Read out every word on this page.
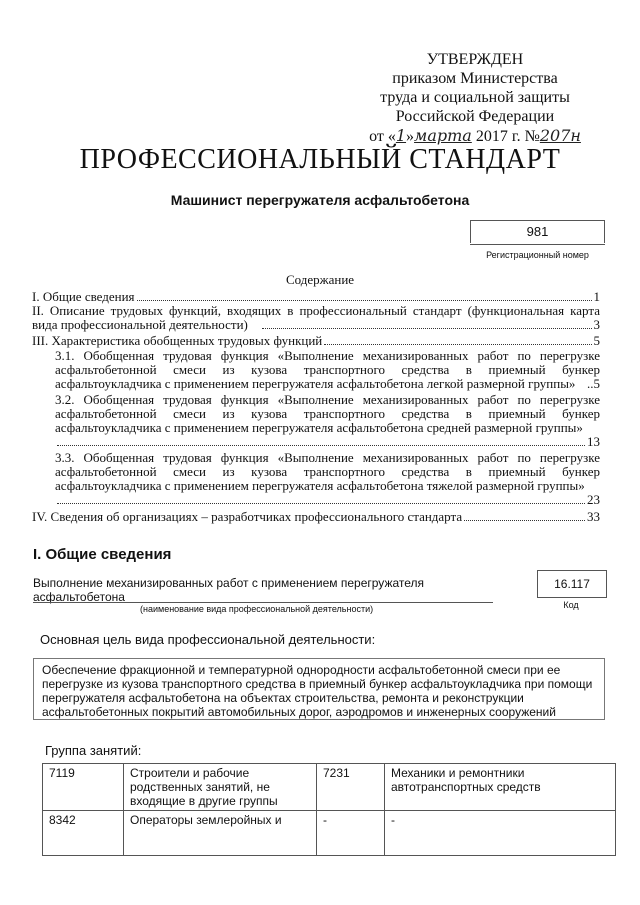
УТВЕРЖДЕН
приказом Министерства
труда и социальной защиты
Российской Федерации
от «1»марта 2017 г. №207н
ПРОФЕССИОНАЛЬНЫЙ СТАНДАРТ
Машинист перегружателя асфальтобетона
981
Регистрационный номер
Содержание
I. Общие сведения	1
II. Описание трудовых функций, входящих в профессиональный стандарт (функциональная карта вида профессиональной деятельности)	3
III. Характеристика обобщенных трудовых функций	5
3.1. Обобщенная трудовая функция «Выполнение механизированных работ по перегрузке асфальтобетонной смеси из кузова транспортного средства в приемный бункер асфальтоукладчика с применением перегружателя асфальтобетона легкой размерной группы» ..5
3.2. Обобщенная трудовая функция «Выполнение механизированных работ по перегрузке асфальтобетонной смеси из кузова транспортного средства в приемный бункер асфальтоукладчика с применением перегружателя асфальтобетона средней размерной группы»
13
3.3. Обобщенная трудовая функция «Выполнение механизированных работ по перегрузке асфальтобетонной смеси из кузова транспортного средства в приемный бункер асфальтоукладчика с применением перегружателя асфальтобетона тяжелой размерной группы»
23
IV. Сведения об организациях – разработчиках профессионального стандарта	33
I. Общие сведения
Выполнение механизированных работ с применением перегружателя
асфальтобетона
(наименование вида профессиональной деятельности)
16.117
Код
Основная цель вида профессиональной деятельности:
Обеспечение фракционной и температурной однородности асфальтобетонной смеси при ее перегрузке из кузова транспортного средства в приемный бункер асфальтоукладчика при помощи перегружателя асфальтобетона на объектах строительства, ремонта и реконструкции асфальтобетонных покрытий автомобильных дорог, аэродромов и инженерных сооружений
Группа занятий:
7119	Строители и рабочие родственных занятий, не входящие в другие группы	7231	Механики и ремонтники автотранспортных средств
8342	Операторы землеройных и	-	-
